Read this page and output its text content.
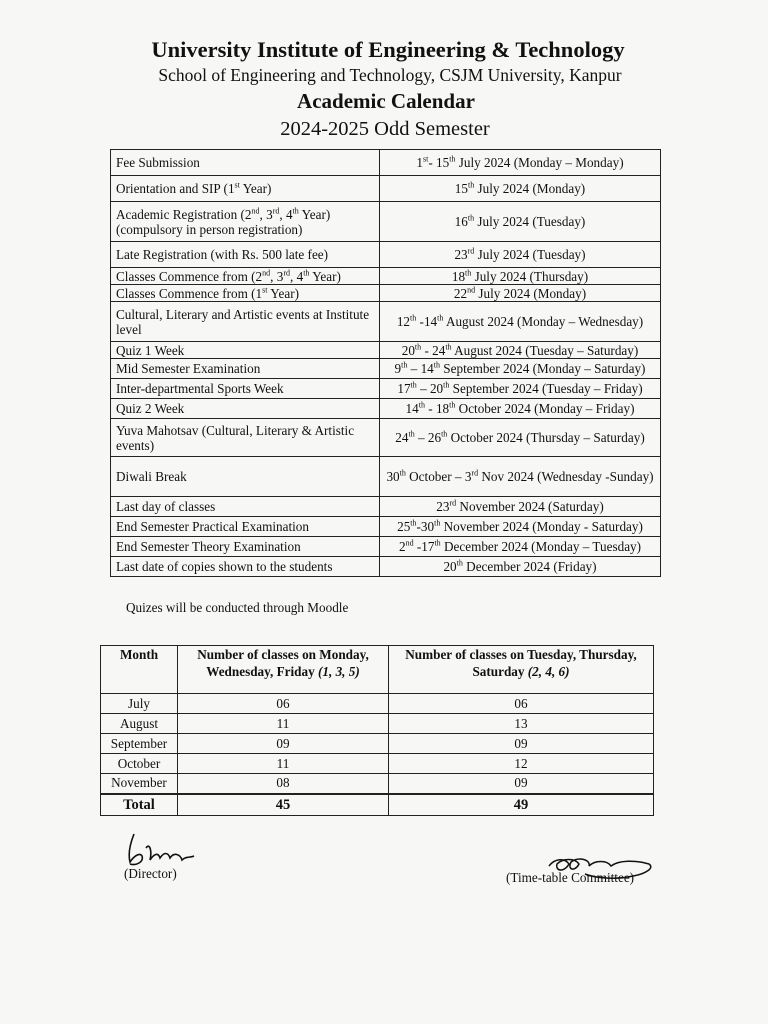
University Institute of Engineering & Technology
School of Engineering and Technology, CSJM University, Kanpur
Academic Calendar
2024-2025 Odd Semester
Fee Submission	1st- 15th July 2024 (Monday – Monday)
Orientation and SIP (1st Year)	15th July 2024 (Monday)
Academic Registration (2nd, 3rd, 4th Year) (compulsory in person registration)	16th July 2024 (Tuesday)
Late Registration (with Rs. 500 late fee)	23rd July 2024 (Tuesday)
Classes Commence from (2nd, 3rd, 4th Year)	18th July 2024 (Thursday)
Classes Commence from (1st Year)	22nd July 2024 (Monday)
Cultural, Literary and Artistic events at Institute level	12th -14th August 2024 (Monday – Wednesday)
Quiz 1 Week	20th - 24th August 2024 (Tuesday – Saturday)
Mid Semester Examination	9th – 14th September 2024 (Monday – Saturday)
Inter-departmental Sports Week	17th – 20th September 2024 (Tuesday – Friday)
Quiz 2 Week	14th - 18th October 2024 (Monday – Friday)
Yuva Mahotsav (Cultural, Literary & Artistic events)	24th – 26th October 2024 (Thursday – Saturday)
Diwali Break	30th October – 3rd Nov 2024 (Wednesday -Sunday)
Last day of classes	23rd November 2024 (Saturday)
End Semester Practical Examination	25th-30th November 2024 (Monday - Saturday)
End Semester Theory Examination	2nd -17th December 2024 (Monday – Tuesday)
Last date of copies shown to the students	20th December 2024 (Friday)
Quizes will be conducted through Moodle
Month	Number of classes on Monday, Wednesday, Friday (1, 3, 5)	Number of classes on Tuesday, Thursday, Saturday (2, 4, 6)
July	06	06
August	11	13
September	09	09
October	11	12
November	08	09
Total	45	49
(Director)	(Time-table Committee)
